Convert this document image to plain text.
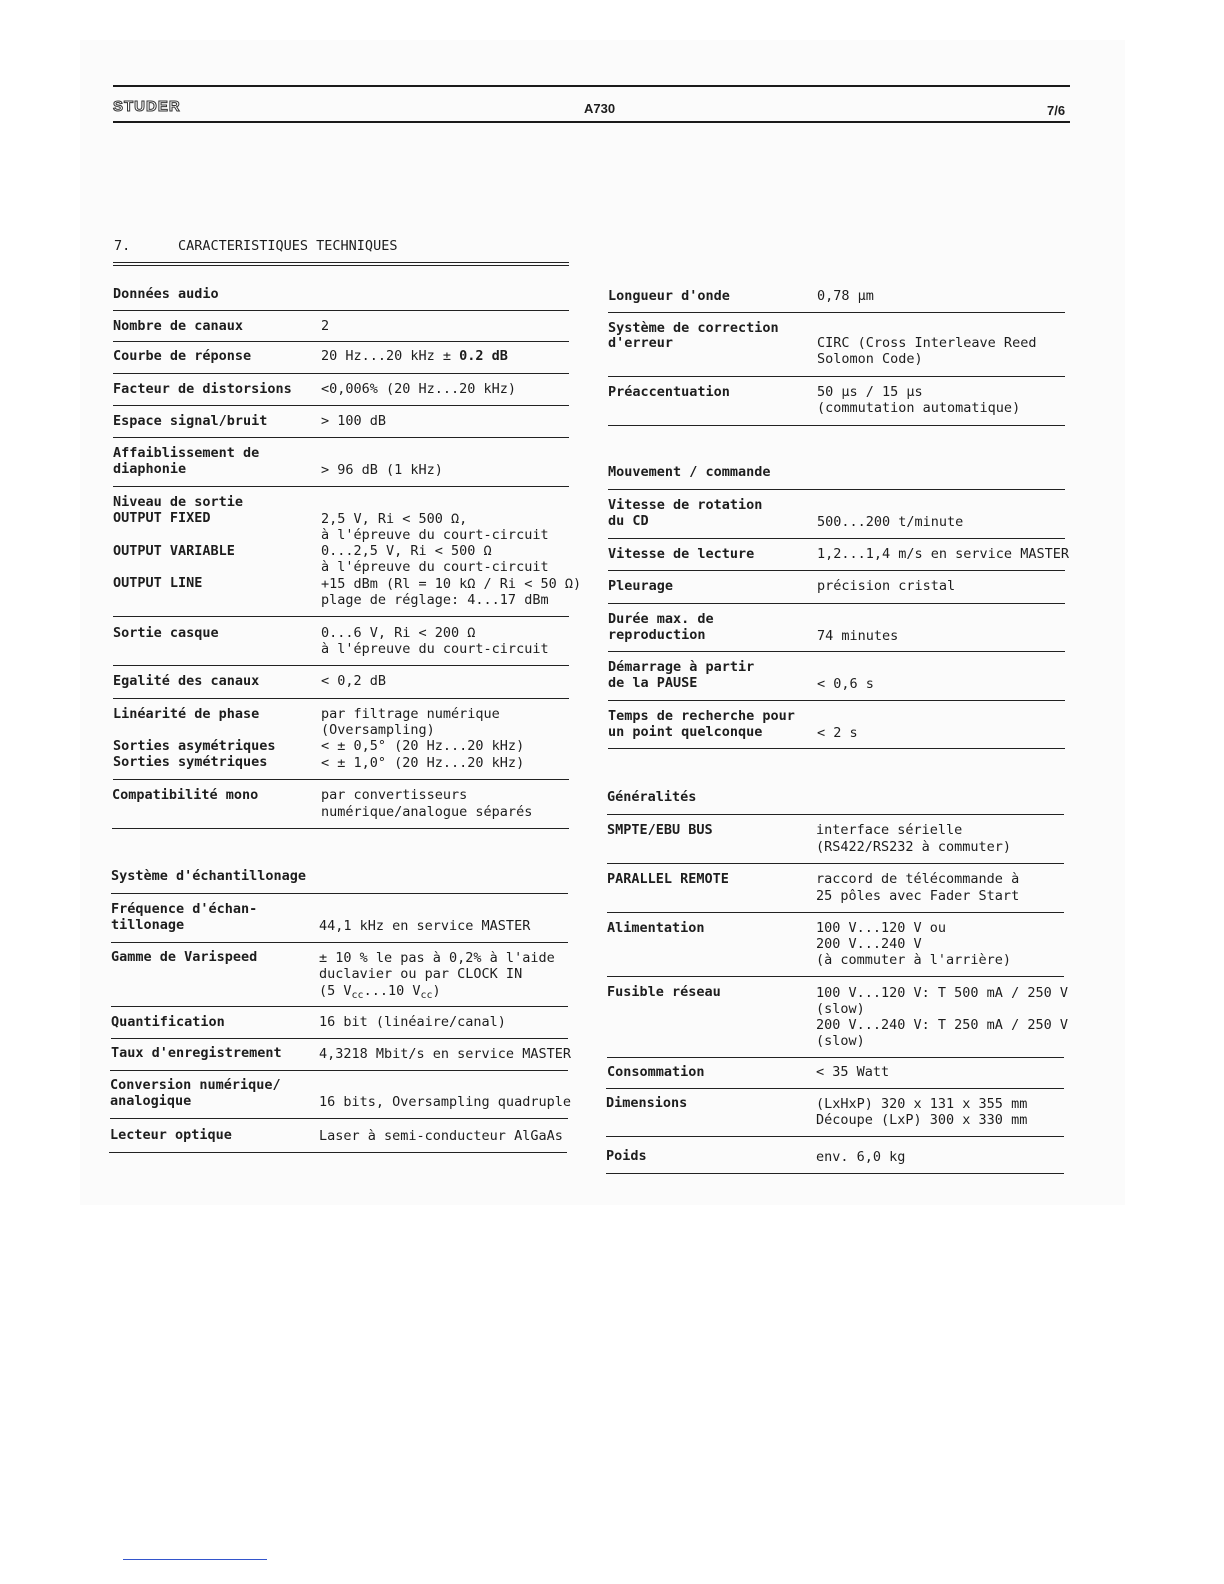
STUDER	A730	7/6
7.	CARACTERISTIQUES TECHNIQUES
Données audio
Nombre de canaux	2
Courbe de réponse	20 Hz...20 kHz ± 0.2 dB
Facteur de distorsions <0,006% (20 Hz...20 kHz)
Espace signal/bruit	> 100 dB
Affaiblissement de
diaphonie	> 96 dB (1 kHz)
Niveau de sortie
OUTPUT FIXED	2,5 V, Ri < 500 Ω,
à l'épreuve du court-circuit
OUTPUT VARIABLE	0...2,5 V, Ri < 500 Ω
à l'épreuve du court-circuit
OUTPUT LINE	+15 dBm (Rl = 10 kΩ / Ri < 50 Ω)
plage de réglage: 4...17 dBm
Sortie casque	0...6 V, Ri < 200 Ω
à l'épreuve du court-circuit
Egalité des canaux	< 0,2 dB
Linéarité de phase	par filtrage numérique
(Oversampling)
Sorties asymétriques	< ± 0,5° (20 Hz...20 kHz)
Sorties symétriques	< ± 1,0° (20 Hz...20 kHz)
Compatibilité mono	par convertisseurs
numérique/analogue séparés
Système d'échantillonage
Fréquence d'échan-
tillonage	44,1 kHz en service MASTER
Gamme de Varispeed	± 10 % le pas à 0,2% à l'aide
duclavier ou par CLOCK IN
(5 $V_{cc}...10$ $V_{cc}$)
Quantification	16 bit (linéaire/canal)
Taux d'enregistrement	4,3218 Mbit/s en service MASTER
Conversion numérique/
analogique	16 bits, Oversampling quadruple
Lecteur optique	Laser à semi-conducteur AlGaAs
Longueur d'onde	0,78 µm
Système de correction
d'erreur	CIRC (Cross Interleave Reed
Solomon Code)
Préaccentuation	50 µs / 15 µs
(commutation automatique)
Mouvement / commande
Vitesse de rotation
du CD	500...200 t/minute
Vitesse de lecture	1,2...1,4 m/s en service MASTER
Pleurage	précision cristal
Durée max. de
reproduction	74 minutes
Démarrage à partir
de la PAUSE	< 0,6 s
Temps de recherche pour
un point quelconque	< 2 s
Généralités
SMPTE/EBU BUS	interface sérielle
(RS422/RS232 à commuter)
PARALLEL REMOTE	raccord de télécommande à
25 pôles avec Fader Start
Alimentation	100 V...120 V ou
200 V...240 V
(à commuter à l'arrière)
Fusible réseau	100 V...120 V: T 500 mA / 250 V
(slow)
200 V...240 V: T 250 mA / 250 V
(slow)
Consommation	< 35 Watt
Dimensions	(LxHxP) 320 x 131 x 355 mm
Découpe (LxP) 300 x 330 mm
Poids	env. 6,0 kg
